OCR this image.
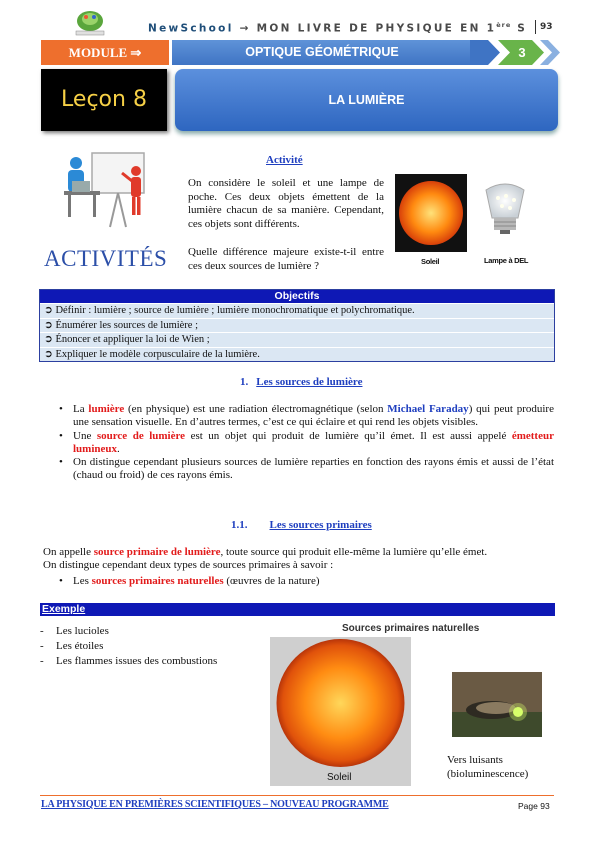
NewSchool → MON LIVRE DE PHYSIQUE EN 1ère S 93
MODULE ⇒	OPTIQUE GÉOMÉTRIQUE	3
Leçon 8	LA LUMIÈRE
ACTIVITÉS
Activité
On considère le soleil et une lampe de poche. Ces deux objets émettent de la lumière chacun de sa manière. Cependant, ces objets sont différents.
Quelle différence majeure existe-t-il entre ces deux sources de lumière ?	Soleil	Lampe à DEL
Objectifs
➲ Définir : lumière ; source de lumière ; lumière monochromatique et polychromatique.
➲ Énumérer les sources de lumière ;
➲ Énoncer et appliquer la loi de Wien ;
➲ Expliquer le modèle corpusculaire de la lumière.
1. Les sources de lumière
• La lumière (en physique) est une radiation électromagnétique (selon Michael Faraday) qui peut produire une sensation visuelle. En d’autres termes, c’est ce qui éclaire et qui rend les objets visibles.
• Une source de lumière est un objet qui produit de lumière qu’il émet. Il est aussi appelé émetteur lumineux.
• On distingue cependant plusieurs sources de lumière reparties en fonction des rayons émis et aussi de l’état (chaud ou froid) de ces rayons émis.
1.1. Les sources primaires
On appelle source primaire de lumière, toute source qui produit elle-même la lumière qu’elle émet.
On distingue cependant deux types de sources primaires à savoir :
• Les sources primaires naturelles (œuvres de la nature)
Exemple
- Les lucioles
- Les étoiles
- Les flammes issues des combustions
Sources primaires naturelles
Soleil
Vers luisants
(bioluminescence)
LA PHYSIQUE EN PREMIÈRES SCIENTIFIQUES – NOUVEAU PROGRAMME	Page 93
